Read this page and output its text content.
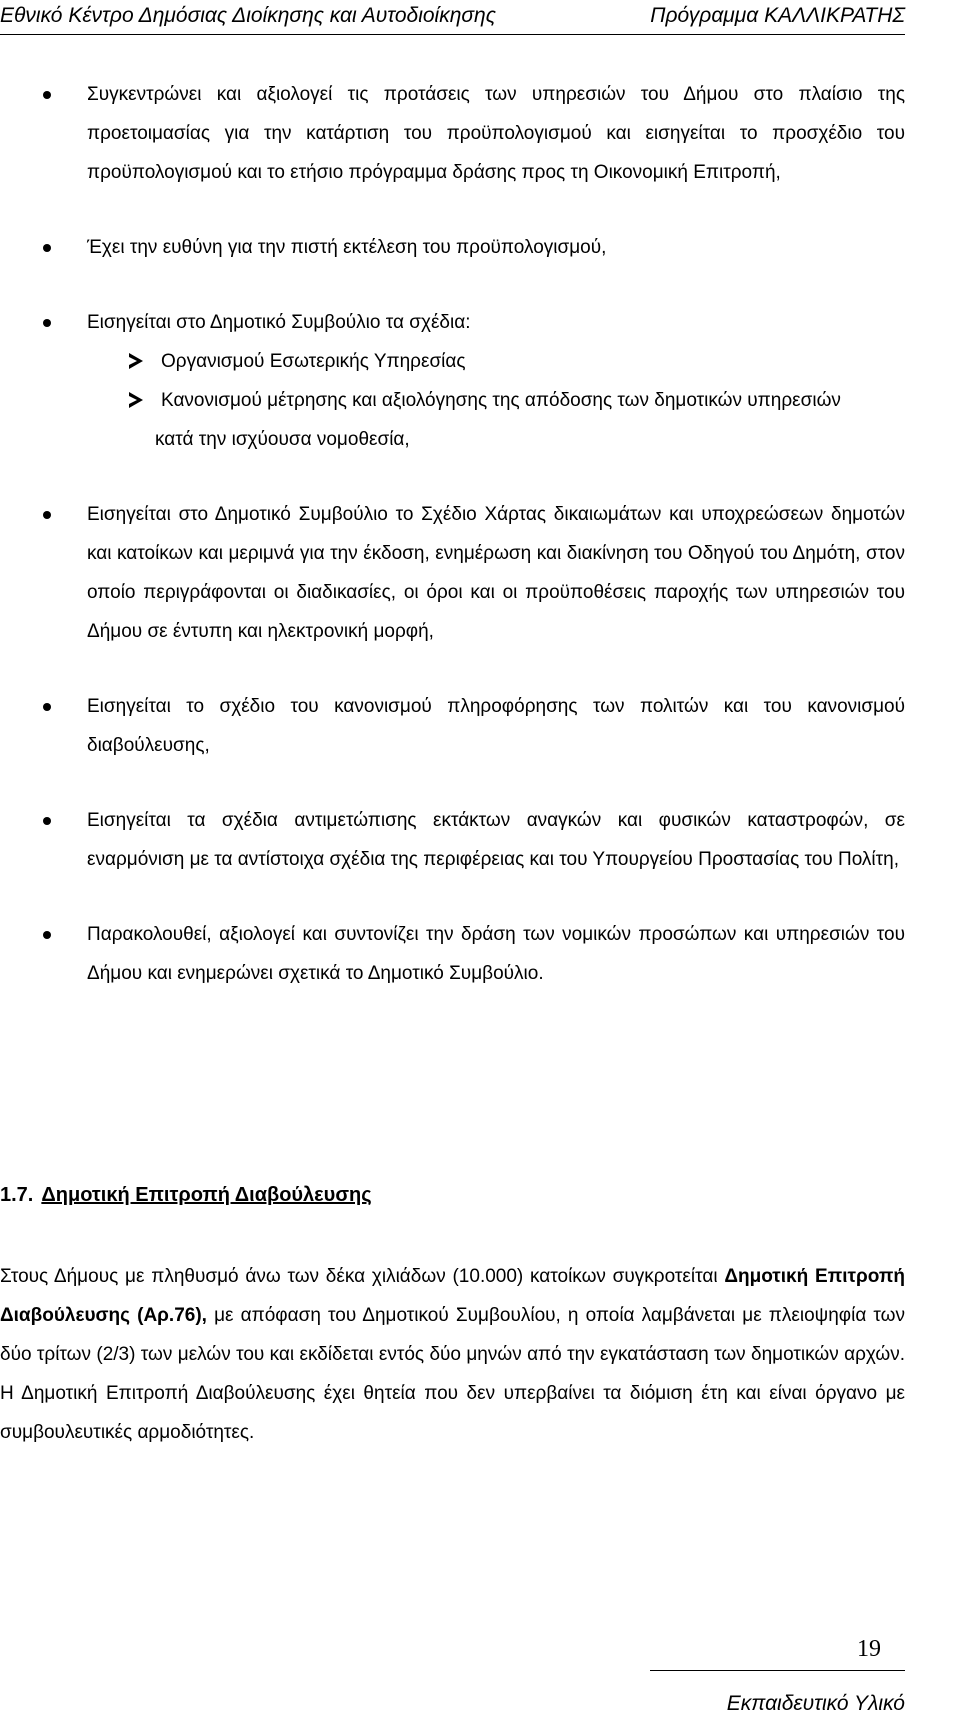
Εθνικό Κέντρο Δημόσιας Διοίκησης και Αυτοδιοίκησης	Πρόγραμμα ΚΑΛΛΙΚΡΑΤΗΣ
Συγκεντρώνει και αξιολογεί τις προτάσεις των υπηρεσιών του Δήμου στο πλαίσιο της προετοιμασίας για την κατάρτιση του προϋπολογισμού και εισηγείται το προσχέδιο του προϋπολογισμού και το ετήσιο πρόγραμμα δράσης προς τη Οικονομική Επιτροπή,
Έχει την ευθύνη για την πιστή εκτέλεση του προϋπολογισμού,
Εισηγείται στο Δημοτικό Συμβούλιο τα σχέδια:
Οργανισμού Εσωτερικής Υπηρεσίας
Κανονισμού μέτρησης και αξιολόγησης της απόδοσης των δημοτικών υπηρεσιών
κατά την ισχύουσα νομοθεσία,
Εισηγείται στο Δημοτικό Συμβούλιο το Σχέδιο Χάρτας δικαιωμάτων και υποχρεώσεων δημοτών και κατοίκων και μεριμνά για την έκδοση, ενημέρωση και διακίνηση του Οδηγού του Δημότη, στον οποίο περιγράφονται οι διαδικασίες, οι όροι και οι προϋποθέσεις παροχής των υπηρεσιών του Δήμου σε έντυπη και ηλεκτρονική μορφή,
Εισηγείται το σχέδιο του κανονισμού πληροφόρησης των πολιτών και του κανονισμού διαβούλευσης,
Εισηγείται τα σχέδια αντιμετώπισης εκτάκτων αναγκών και φυσικών καταστροφών, σε εναρμόνιση με τα αντίστοιχα σχέδια της περιφέρειας και του Υπουργείου Προστασίας του Πολίτη,
Παρακολουθεί, αξιολογεί και συντονίζει την δράση των νομικών προσώπων και υπηρεσιών του Δήμου και ενημερώνει σχετικά το Δημοτικό Συμβούλιο.
1.7. Δημοτική Επιτροπή Διαβούλευσης

Στους Δήμους με πληθυσμό άνω των δέκα χιλιάδων (10.000) κατοίκων συγκροτείται Δημοτική Επιτροπή Διαβούλευσης (Αρ.76), με απόφαση του Δημοτικού Συμβουλίου, η οποία λαμβάνεται με πλειοψηφία των δύο τρίτων (2/3) των μελών του και εκδίδεται εντός δύο μηνών από την εγκατάσταση των δημοτικών αρχών. Η Δημοτική Επιτροπή Διαβούλευσης έχει θητεία που δεν υπερβαίνει τα διόμιση έτη και είναι όργανο με συμβουλευτικές αρμοδιότητες.

19
Εκπαιδευτικό Υλικό
